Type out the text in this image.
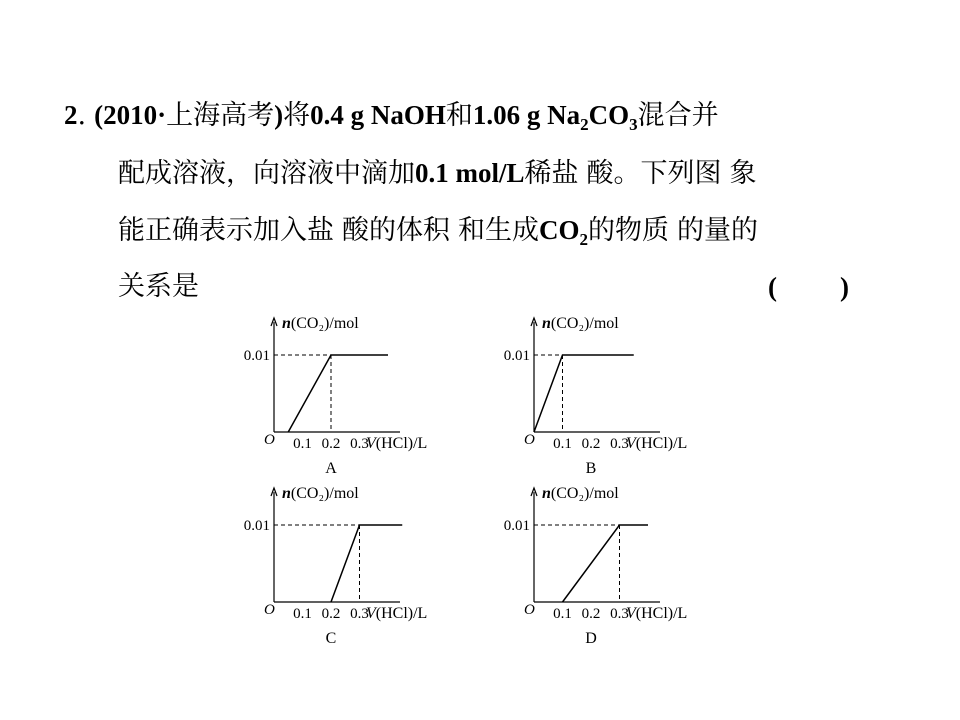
2. (2010·上海高考)将0.4 g NaOH和1.06 g $Na_2CO_3$混合并
配成溶液，向溶液中滴加0.1 mol/L稀盐 酸。下列图 象
能正确表示加入盐 酸的体积 和生成$CO_2$的物质 的量的
关系是	( )
n(CO₂)/mol
V(HCl)/L
O 0.1 0.2 0.3
0.01
A
n(CO₂)/mol
V(HCl)/L
O 0.1 0.2 0.3
0.01
B
n(CO₂)/mol
V(HCl)/L
O 0.1 0.2 0.3
0.01
C
n(CO₂)/mol
V(HCl)/L
O 0.1 0.2 0.3
0.01
D
